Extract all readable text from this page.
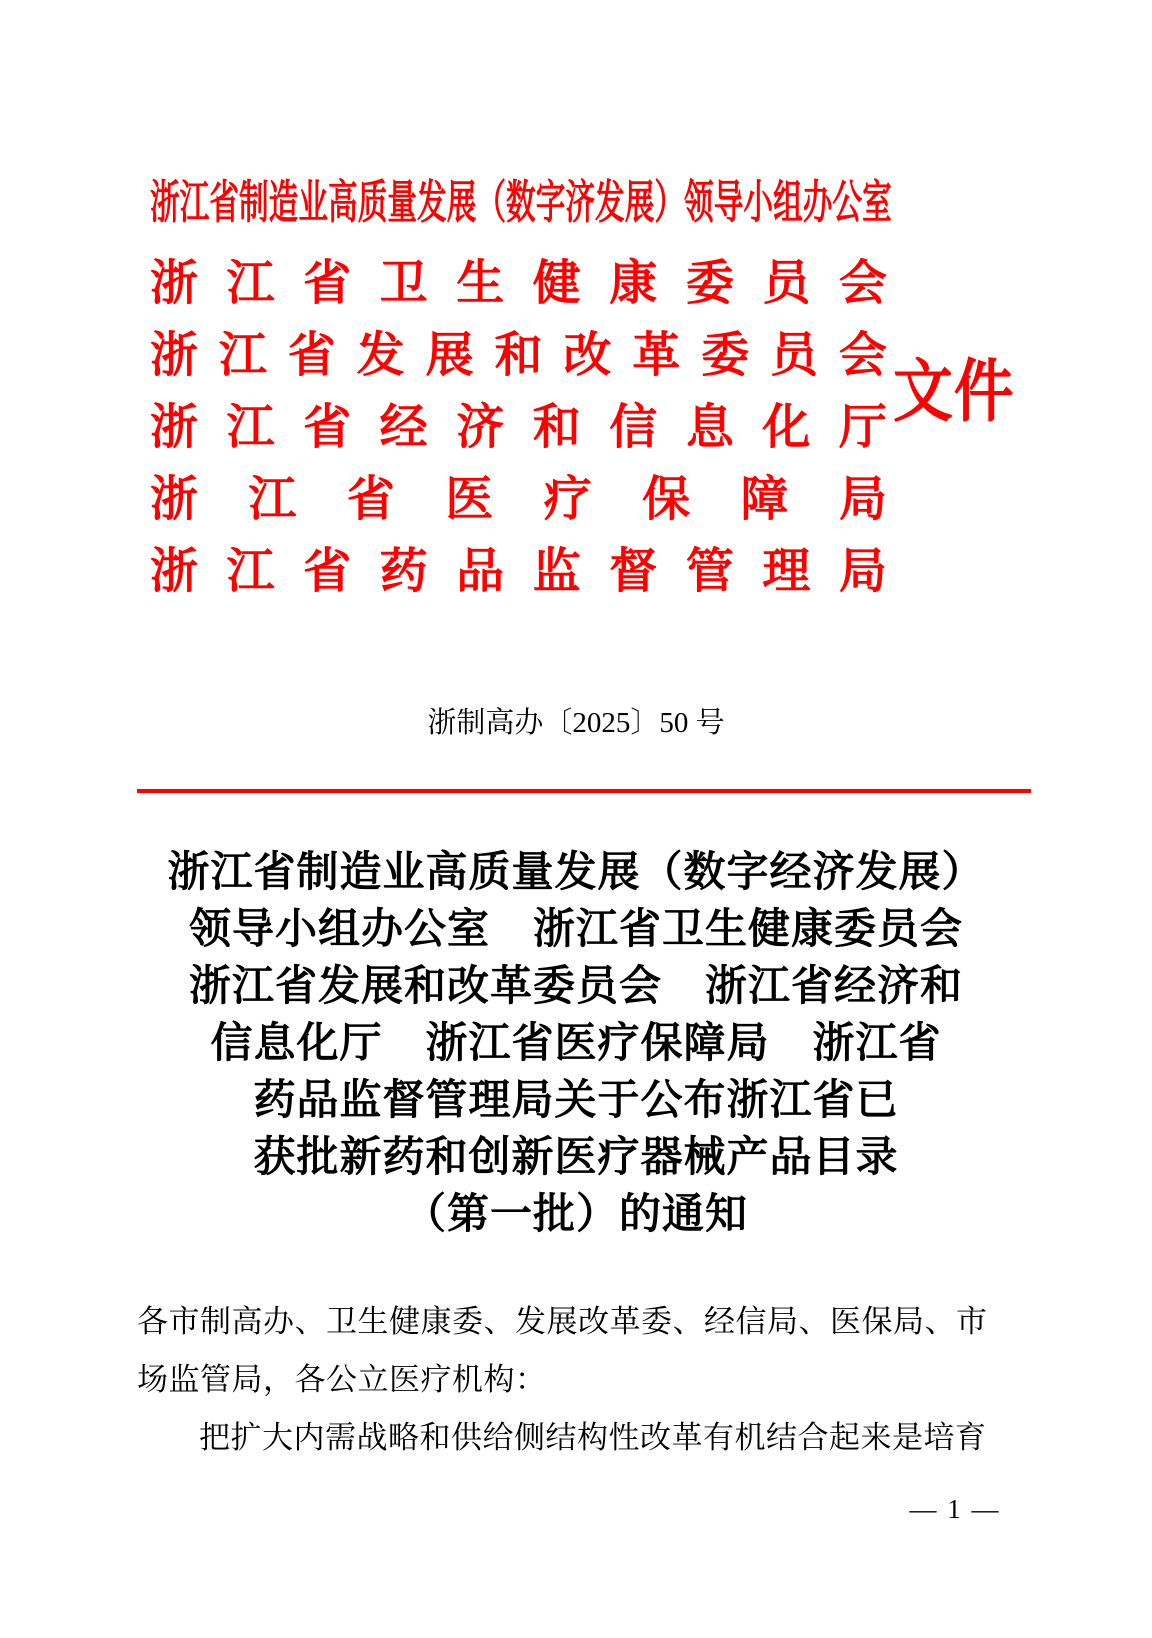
浙江省制造业高质量发展（数字济发展）领导小组办公室
浙 江 省 卫 生 健 康 委 员 会
浙 江 省 发 展 和 改 革 委 员 会
浙 江 省 经 济 和 信 息 化 厅
浙 江 省 医 疗 保 障 局
浙 江 省 药 品 监 督 管 理 局
文件
浙制高办〔2025〕50 号
浙江省制造业高质量发展（数字经济发展）
领导小组办公室　浙江省卫生健康委员会
浙江省发展和改革委员会　浙江省经济和
信息化厅　浙江省医疗保障局　浙江省
药品监督管理局关于公布浙江省已
获批新药和创新医疗器械产品目录
（第一批）的通知
各市制高办、卫生健康委、发展改革委、经信局、医保局、市
场监管局，各公立医疗机构：
把扩大内需战略和供给侧结构性改革有机结合起来是培育
— 1 —
